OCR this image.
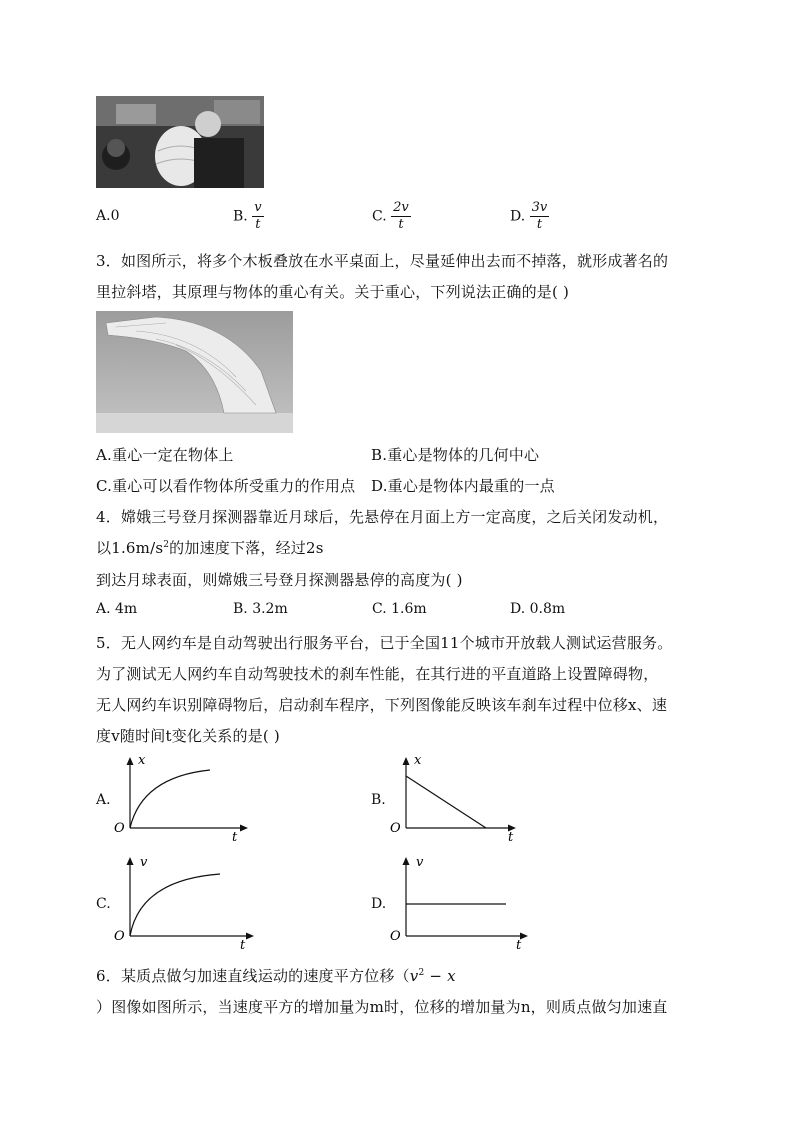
A.0	B. $\frac{v}{t}$	C. $\frac{2v}{t}$	D. $\frac{3v}{t}$
3．如图所示，将多个木板叠放在水平桌面上，尽量延伸出去而不掉落，就形成著名的
里拉斜塔，其原理与物体的重心有关。关于重心，下列说法正确的是( )
A.重心一定在物体上	B.重心是物体的几何中心
C.重心可以看作物体所受重力的作用点 D.重心是物体内最重的一点
4．嫦娥三号登月探测器靠近月球后，先悬停在月面上方一定高度，之后关闭发动机，
以$1.6m/s^2$的加速度下落，经过2s
到达月球表面，则嫦娥三号登月探测器悬停的高度为( )
A. 4m	B. 3.2m	C. 1.6m	D. 0.8m
5．无人网约车是自动驾驶出行服务平台，已于全国11个城市开放载人测试运营服务。
为了测试无人网约车自动驾驶技术的刹车性能，在其行进的平直道路上设置障碍物，
无人网约车识别障碍物后，启动刹车程序，下列图像能反映该车刹车过程中位移x、速
度v随时间t变化关系的是( )
A.
O
x
t
B.
O
x
t
C.
O
v
t
D.
O
v
t
6．某质点做匀加速直线运动的速度平方位移（$v^2 - x$
）图像如图所示，当速度平方的增加量为m时，位移的增加量为n，则质点做匀加速直
